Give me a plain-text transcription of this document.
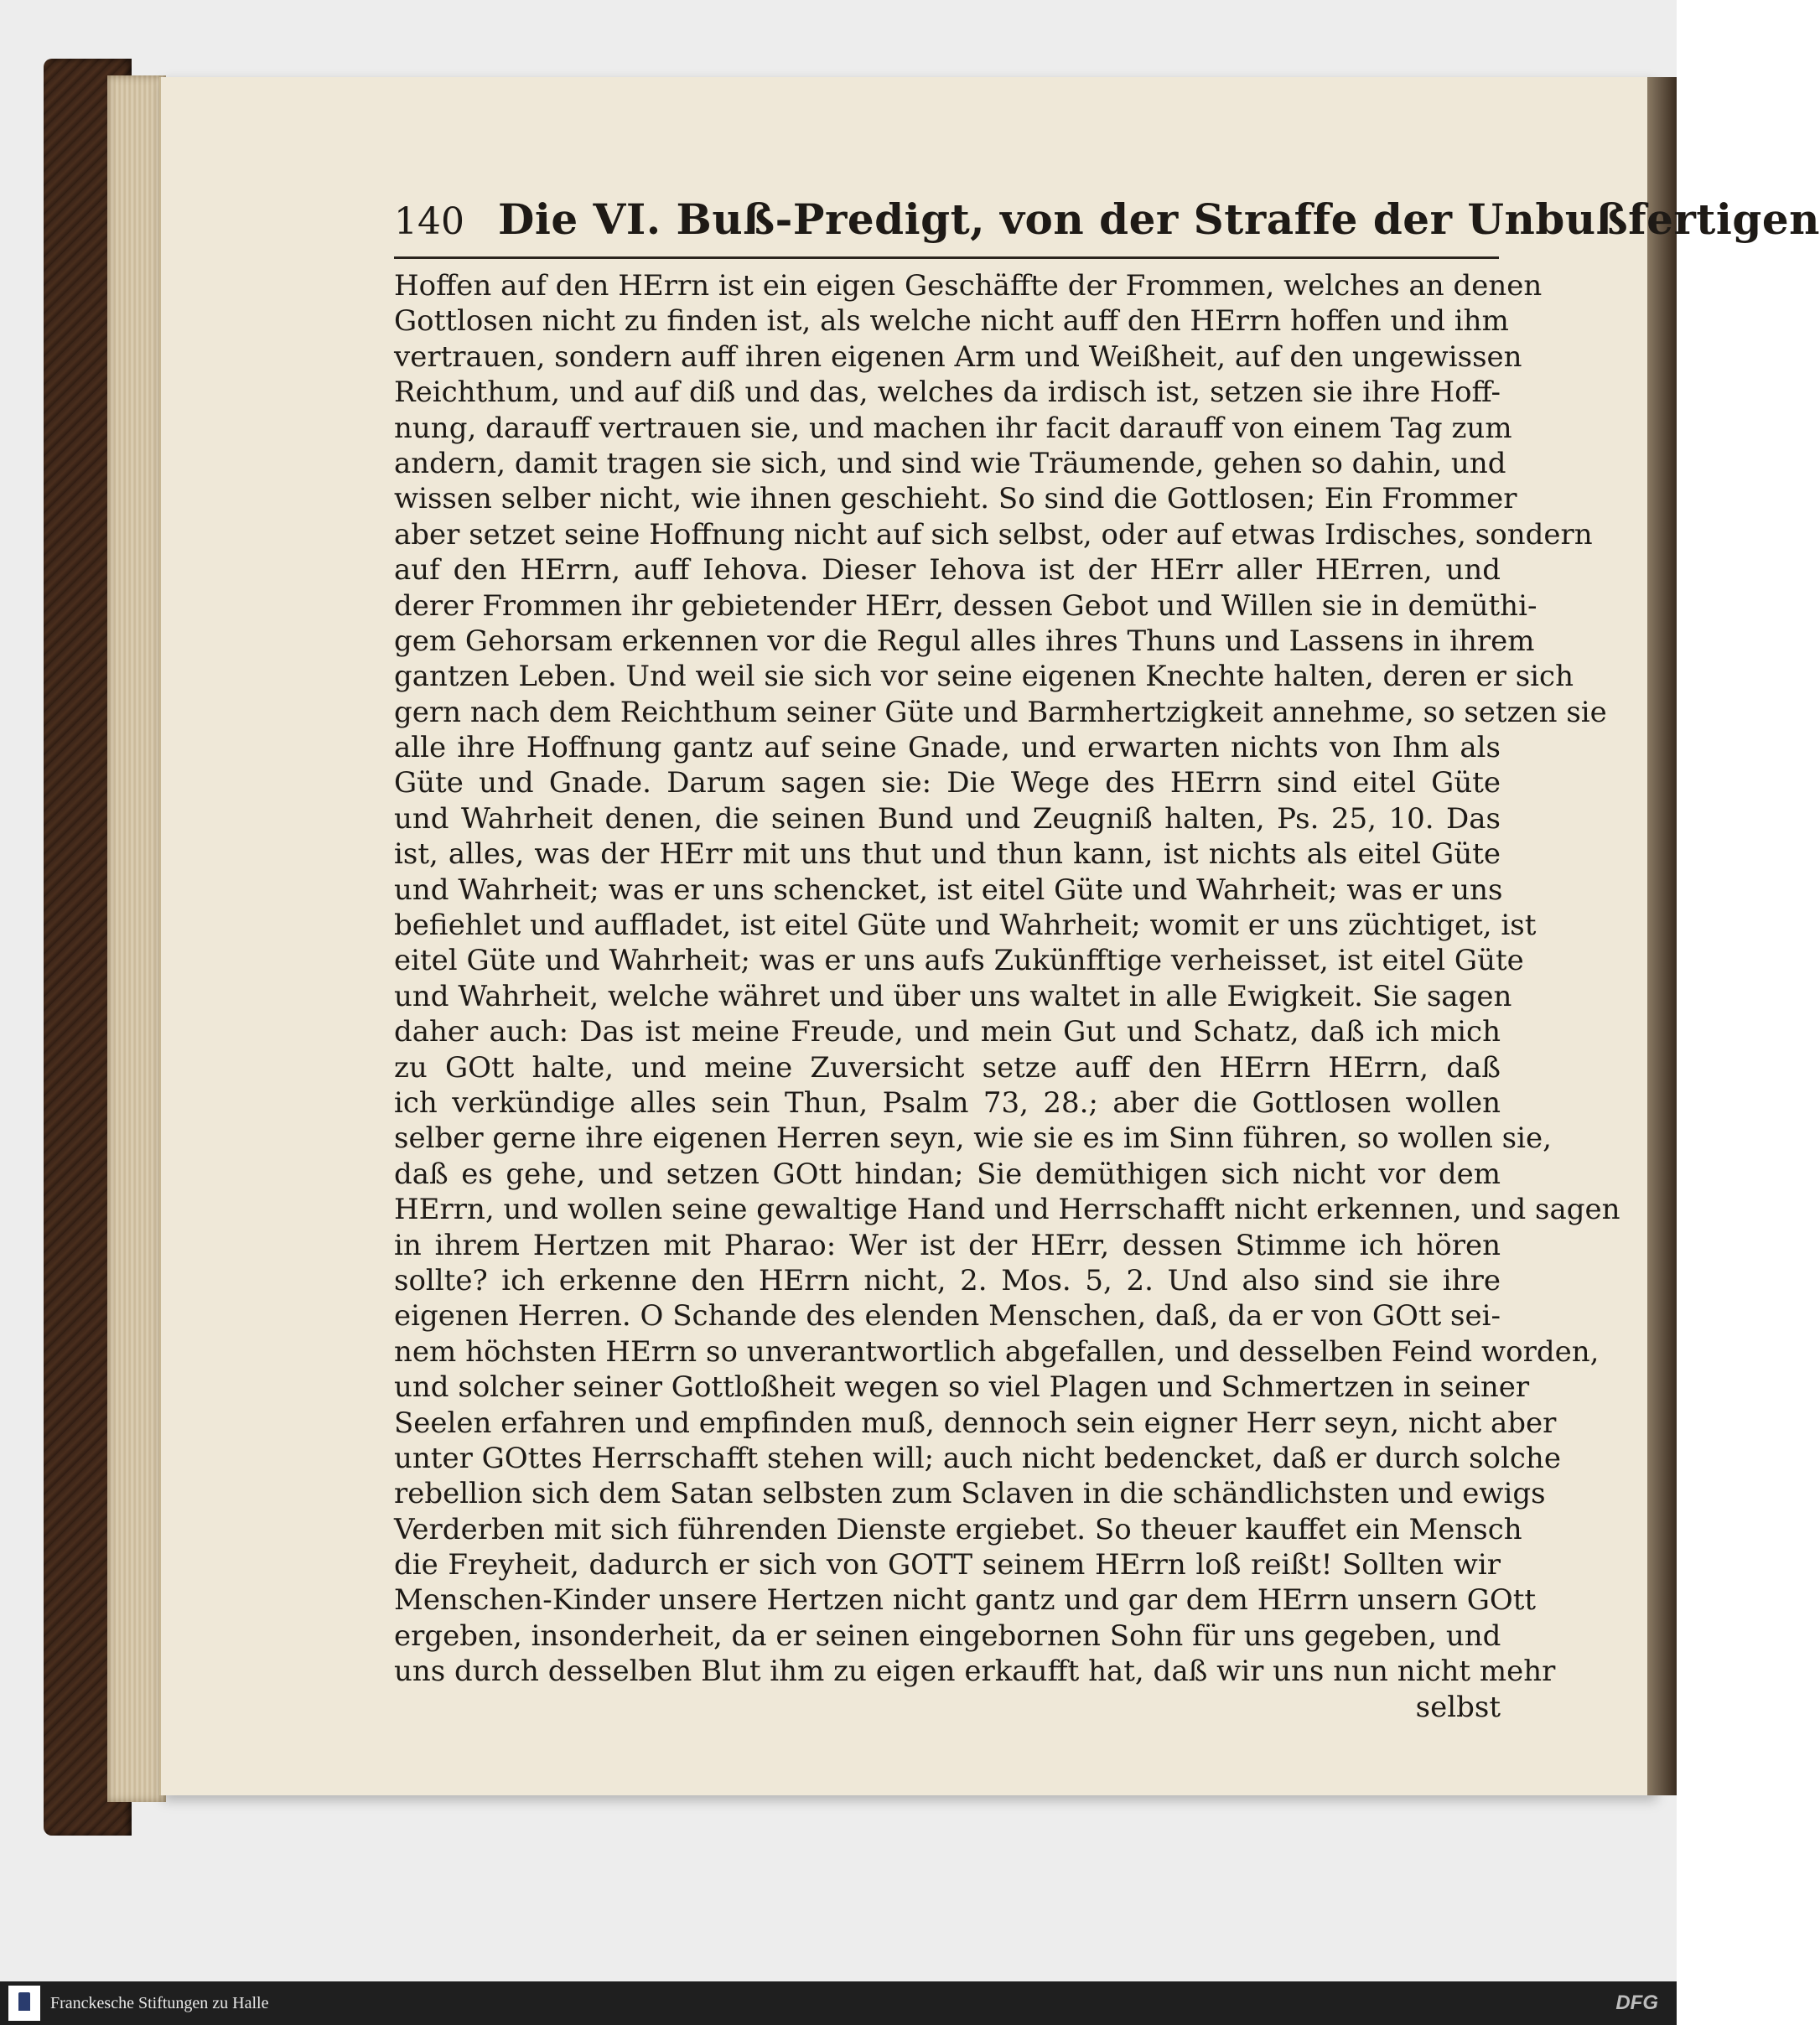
140 Die VI. Buß-Predigt, von der Straffe der Unbußfertigen
Hoffen auf den HErrn ist ein eigen Geschäffte der Frommen, welches an denen
Gottlosen nicht zu finden ist, als welche nicht auff den HErrn hoffen und ihm
vertrauen, sondern auff ihren eigenen Arm und Weißheit, auf den ungewissen
Reichthum, und auf diß und das, welches da irdisch ist, setzen sie ihre Hoff-
nung, darauff vertrauen sie, und machen ihr facit darauff von einem Tag zum
andern, damit tragen sie sich, und sind wie Träumende, gehen so dahin, und
wissen selber nicht, wie ihnen geschieht. So sind die Gottlosen; Ein Frommer
aber setzet seine Hoffnung nicht auf sich selbst, oder auf etwas Irdisches, sondern
auf den HErrn, auff Iehova. Dieser Iehova ist der HErr aller HErren, und
derer Frommen ihr gebietender HErr, dessen Gebot und Willen sie in demüthi-
gem Gehorsam erkennen vor die Regul alles ihres Thuns und Lassens in ihrem
gantzen Leben. Und weil sie sich vor seine eigenen Knechte halten, deren er sich
gern nach dem Reichthum seiner Güte und Barmhertzigkeit annehme, so setzen sie
alle ihre Hoffnung gantz auf seine Gnade, und erwarten nichts von Ihm als
Güte und Gnade. Darum sagen sie: Die Wege des HErrn sind eitel Güte
und Wahrheit denen, die seinen Bund und Zeugniß halten, Ps. 25, 10. Das
ist, alles, was der HErr mit uns thut und thun kann, ist nichts als eitel Güte
und Wahrheit; was er uns schencket, ist eitel Güte und Wahrheit; was er uns
befiehlet und auffladet, ist eitel Güte und Wahrheit; womit er uns züchtiget, ist
eitel Güte und Wahrheit; was er uns aufs Zukünfftige verheisset, ist eitel Güte
und Wahrheit, welche währet und über uns waltet in alle Ewigkeit. Sie sagen
daher auch: Das ist meine Freude, und mein Gut und Schatz, daß ich mich
zu GOtt halte, und meine Zuversicht setze auff den HErrn HErrn, daß
ich verkündige alles sein Thun, Psalm 73, 28.; aber die Gottlosen wollen
selber gerne ihre eigenen Herren seyn, wie sie es im Sinn führen, so wollen sie,
daß es gehe, und setzen GOtt hindan; Sie demüthigen sich nicht vor dem
HErrn, und wollen seine gewaltige Hand und Herrschafft nicht erkennen, und sagen
in ihrem Hertzen mit Pharao: Wer ist der HErr, dessen Stimme ich hören
sollte? ich erkenne den HErrn nicht, 2. Mos. 5, 2. Und also sind sie ihre
eigenen Herren. O Schande des elenden Menschen, daß, da er von GOtt sei-
nem höchsten HErrn so unverantwortlich abgefallen, und desselben Feind worden,
und solcher seiner Gottloßheit wegen so viel Plagen und Schmertzen in seiner
Seelen erfahren und empfinden muß, dennoch sein eigner Herr seyn, nicht aber
unter GOttes Herrschafft stehen will; auch nicht bedencket, daß er durch solche
rebellion sich dem Satan selbsten zum Sclaven in die schändlichsten und ewigs
Verderben mit sich führenden Dienste ergiebet. So theuer kauffet ein Mensch
die Freyheit, dadurch er sich von GOTT seinem HErrn loß reißt! Sollten wir
Menschen-Kinder unsere Hertzen nicht gantz und gar dem HErrn unsern GOtt
ergeben, insonderheit, da er seinen eingebornen Sohn für uns gegeben, und
uns durch desselben Blut ihm zu eigen erkaufft hat, daß wir uns nun nicht mehr
selbst
Franckesche Stiftungen zu Halle	DFG
